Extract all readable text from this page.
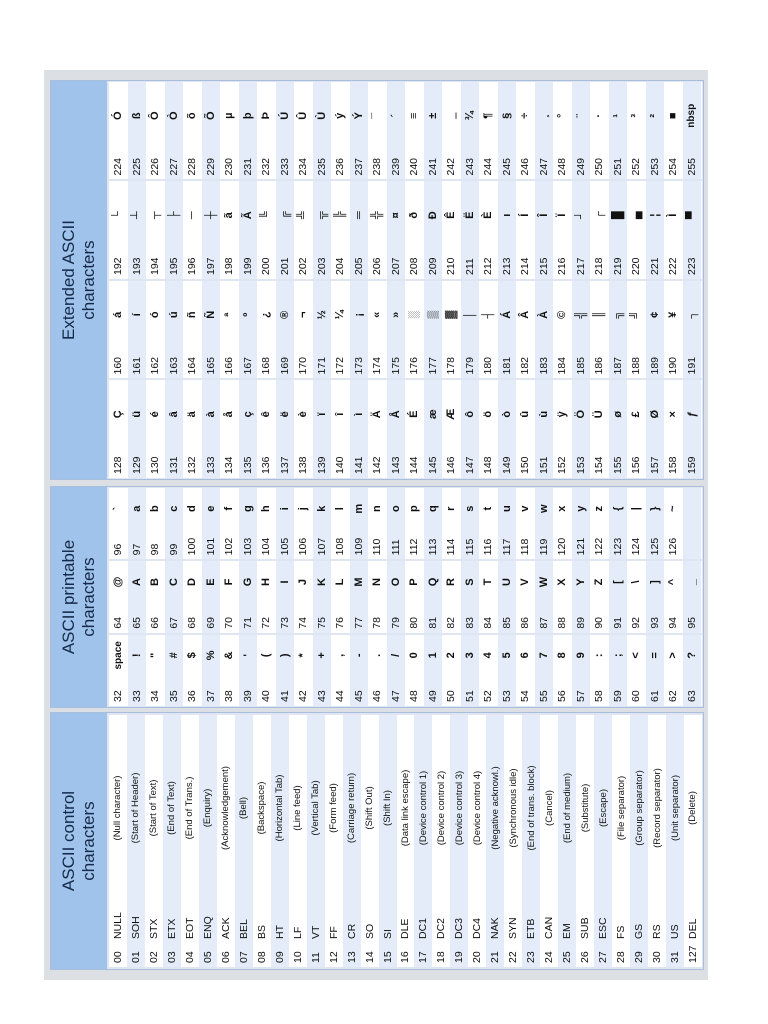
ASCII control characters
00
NULL
(Null character)
01
SOH
(Start of Header)
02
STX
(Start of Text)
03
ETX
(End of Text)
04
EOT
(End of Trans.)
05
ENQ
(Enquiry)
06
ACK
(Acknowledgement)
07
BEL
(Bell)
08
BS
(Backspace)
09
HT
(Horizontal Tab)
10
LF
(Line feed)
11
VT
(Vertical Tab)
12
FF
(Form feed)
13
CR
(Carriage return)
14
SO
(Shift Out)
15
SI
(Shift In)
16
DLE
(Data link escape)
17
DC1
(Device control 1)
18
DC2
(Device control 2)
19
DC3
(Device control 3)
20
DC4
(Device control 4)
21
NAK
(Negative acknowl.)
22
SYN
(Synchronous idle)
23
ETB
(End of trans. block)
24
CAN
(Cancel)
25
EM
(End of medium)
26
SUB
(Substitute)
27
ESC
(Escape)
28
FS
(File separator)
29
GS
(Group separator)
30
RS
(Record separator)
31
US
(Unit separator)
127
DEL
(Delete)
ASCII printable characters
32
space
33
!
34
"
35
#
36
$
37
%
38
&
39
'
40
(
41
)
42
*
43
+
44
,
45
-
46
.
47
/
48
0
49
1
50
2
51
3
52
4
53
5
54
6
55
7
56
8
57
9
58
:
59
;
60
<
61
=
62
>
63
?
64
@
65
A
66
B
67
C
68
D
69
E
70
F
71
G
72
H
73
I
74
J
75
K
76
L
77
M
78
N
79
O
80
P
81
Q
82
R
83
S
84
T
85
U
86
V
87
W
88
X
89
Y
90
Z
91
[
92
\
93
]
94
^
95
_
96
`
97
a
98
b
99
c
100
d
101
e
102
f
103
g
104
h
105
i
106
j
107
k
108
l
109
m
110
n
111
o
112
p
113
q
114
r
115
s
116
t
117
u
118
v
119
w
120
x
121
y
122
z
123
{
124
|
125
}
126
~
Extended ASCII characters
128
Ç
129
ü
130
é
131
â
132
ä
133
à
134
å
135
ç
136
ê
137
ë
138
è
139
ï
140
î
141
ì
142
Ä
143
Å
144
É
145
æ
146
Æ
147
ô
148
ö
149
ò
150
û
151
ù
152
ÿ
153
Ö
154
Ü
155
ø
156
£
157
Ø
158
×
159
ƒ
160
á
161
í
162
ó
163
ú
164
ñ
165
Ñ
166
ª
167
º
168
¿
169
®
170
¬
171
½
172
¼
173
¡
174
«
175
»
176
░
177
▒
178
▓
179
│
180
┤
181
Á
182
Â
183
À
184
©
185
╣
186
║
187
╗
188
╝
189
¢
190
¥
191
┐
192
└
193
┴
194
┬
195
├
196
─
197
┼
198
ã
199
Ã
200
╚
201
╔
202
╩
203
╦
204
╠
205
═
206
╬
207
¤
208
ð
209
Ð
210
Ê
211
Ë
212
È
213
ı
214
Í
215
Î
216
Ï
217
┘
218
┌
219
█
220
▄
221
¦
222
Ì
223
▀
224
Ó
225
ß
226
Ô
227
Ò
228
õ
229
Õ
230
µ
231
þ
232
Þ
233
Ú
234
Û
235
Ù
236
ý
237
Ý
238
¯
239
´
240
≡
241
±
242
‗
243
¾
244
¶
245
§
246
÷
247
¸
248
°
249
¨
250
·
251
¹
252
³
253
²
254
■
255
nbsp
